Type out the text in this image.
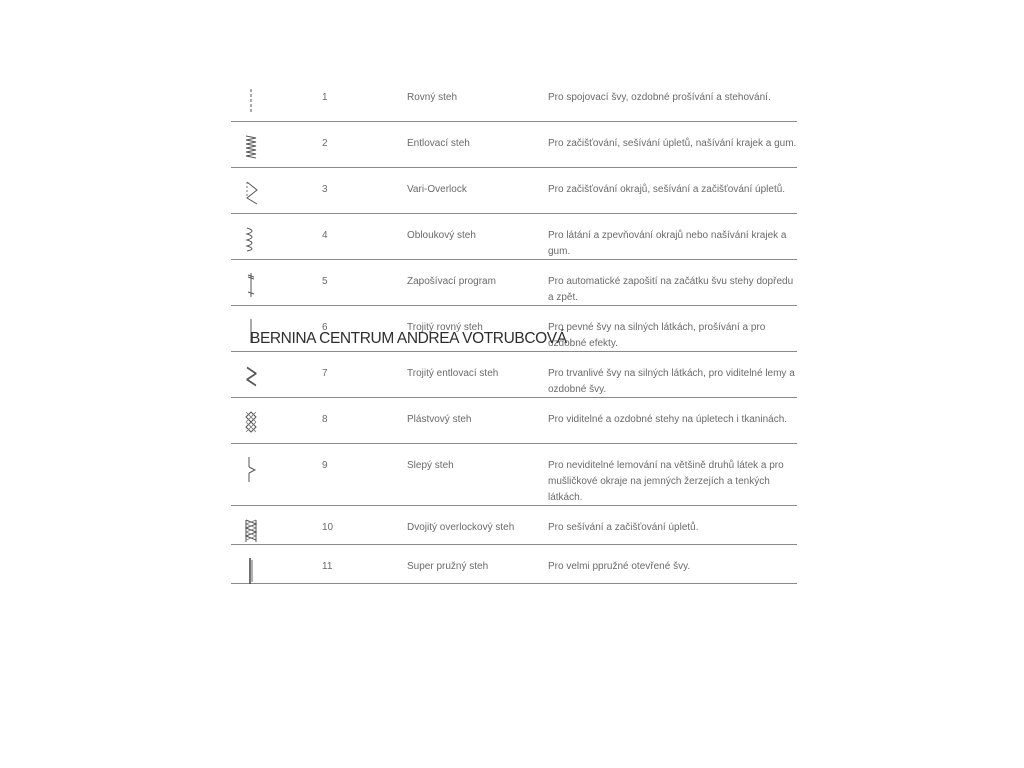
1	Rovný steh	Pro spojovací švy, ozdobné prošívání a stehování.
2	Entlovací steh	Pro začišťování, sešívání úpletů, našívání krajek a gum.
3	Vari-Overlock	Pro začišťování okrajů, sešívání a začišťování úpletů.
4	Obloukový steh	Pro látání a zpevňování okrajů nebo našívání krajek a gum.
5	Zapošívací program	Pro automatické zapošití na začátku švu stehy dopředu a zpět.
6	Trojitý rovný steh	Pro pevné švy na silných látkách, prošívání a pro ozdobné efekty.
7	Trojitý entlovací steh	Pro trvanlivé švy na silných látkách, pro viditelné lemy a ozdobné švy.
8	Plástvový steh	Pro viditelné a ozdobné stehy na úpletech i tkaninách.
9	Slepý steh	Pro neviditelné lemování na většině druhů látek a pro mušličkové okraje na jemných žerzejích a tenkých látkách.
10	Dvojitý overlockový steh	Pro sešívání a začišťování úpletů.
11	Super pružný steh	Pro velmi ppružné otevřené švy.
BERNINA CENTRUM ANDREA VOTRUBCOVÁ
